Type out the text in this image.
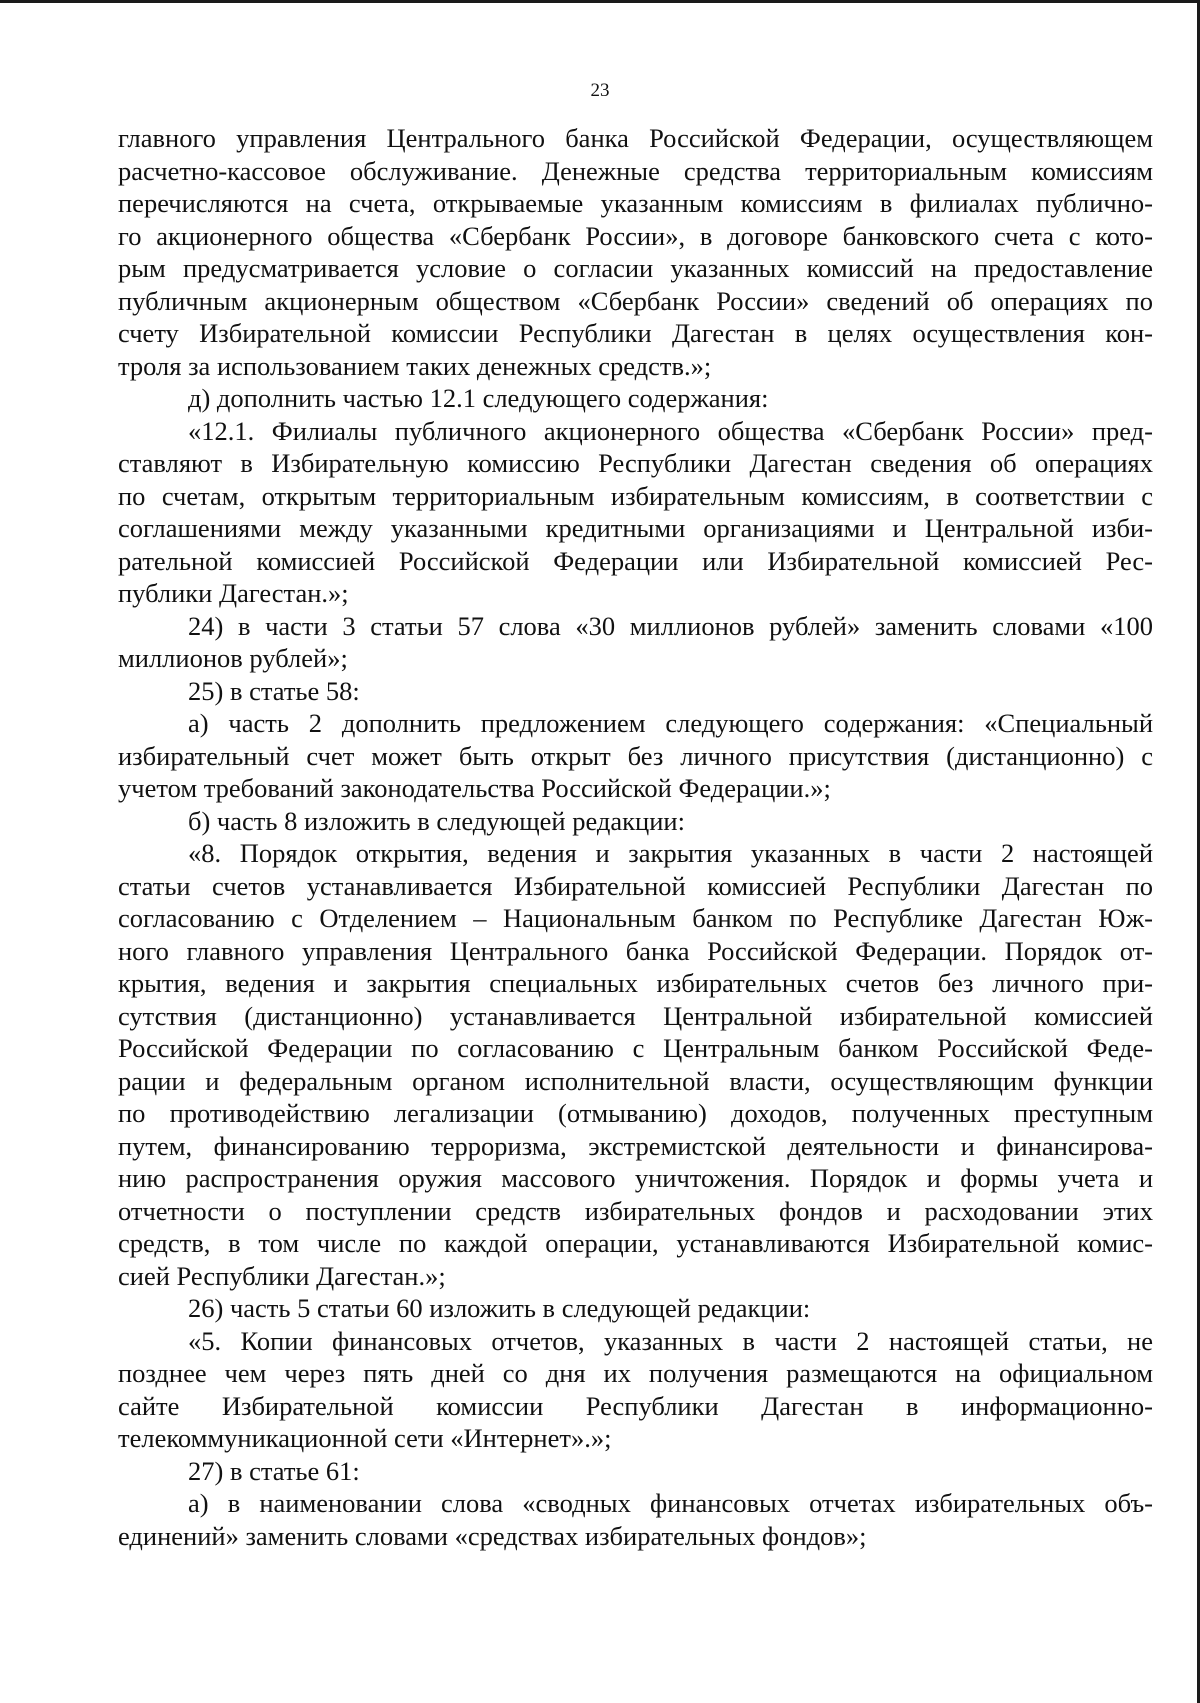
23
главного управления Центрального банка Российской Федерации, осуществляющем
расчетно-кассовое обслуживание. Денежные средства территориальным комиссиям
перечисляются на счета, открываемые указанным комиссиям в филиалах публично-
го акционерного общества «Сбербанк России», в договоре банковского счета с кото-
рым предусматривается условие о согласии указанных комиссий на предоставление
публичным акционерным обществом «Сбербанк России» сведений об операциях по
счету Избирательной комиссии Республики Дагестан в целях осуществления кон-
троля за использованием таких денежных средств.»;
д) дополнить частью 12.1 следующего содержания:
«12.1. Филиалы публичного акционерного общества «Сбербанк России» пред-
ставляют в Избирательную комиссию Республики Дагестан сведения об операциях
по счетам, открытым территориальным избирательным комиссиям, в соответствии с
соглашениями между указанными кредитными организациями и Центральной изби-
рательной комиссией Российской Федерации или Избирательной комиссией Рес-
публики Дагестан.»;
24) в части 3 статьи 57 слова «30 миллионов рублей» заменить словами «100
миллионов рублей»;
25) в статье 58:
а) часть 2 дополнить предложением следующего содержания: «Специальный
избирательный счет может быть открыт без личного присутствия (дистанционно) с
учетом требований законодательства Российской Федерации.»;
б) часть 8 изложить в следующей редакции:
«8. Порядок открытия, ведения и закрытия указанных в части 2 настоящей
статьи счетов устанавливается Избирательной комиссией Республики Дагестан по
согласованию с Отделением – Национальным банком по Республике Дагестан Юж-
ного главного управления Центрального банка Российской Федерации. Порядок от-
крытия, ведения и закрытия специальных избирательных счетов без личного при-
сутствия (дистанционно) устанавливается Центральной избирательной комиссией
Российской Федерации по согласованию с Центральным банком Российской Феде-
рации и федеральным органом исполнительной власти, осуществляющим функции
по противодействию легализации (отмыванию) доходов, полученных преступным
путем, финансированию терроризма, экстремистской деятельности и финансирова-
нию распространения оружия массового уничтожения. Порядок и формы учета и
отчетности о поступлении средств избирательных фондов и расходовании этих
средств, в том числе по каждой операции, устанавливаются Избирательной комис-
сией Республики Дагестан.»;
26) часть 5 статьи 60 изложить в следующей редакции:
«5. Копии финансовых отчетов, указанных в части 2 настоящей статьи, не
позднее чем через пять дней со дня их получения размещаются на официальном
сайте Избирательной комиссии Республики Дагестан в информационно-
телекоммуникационной сети «Интернет».»;
27) в статье 61:
а) в наименовании слова «сводных финансовых отчетах избирательных объ-
единений» заменить словами «средствах избирательных фондов»;
